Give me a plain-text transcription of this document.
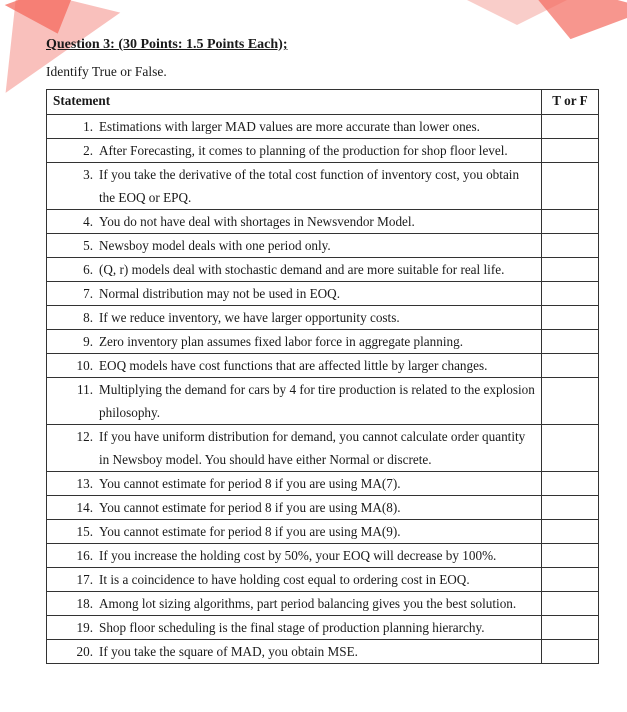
Question 3: (30 Points: 1.5 Points Each);

Identify True or False.

Statement	T or F

1. Estimations with larger MAD values are more accurate than lower ones.	

2. After Forecasting, it comes to planning of the production for shop floor level.	

3. If you take the derivative of the total cost function of inventory cost, you obtain the EOQ or EPQ.	

4. You do not have deal with shortages in Newsvendor Model.	

5. Newsboy model deals with one period only.	

6. (Q, r) models deal with stochastic demand and are more suitable for real life.	

7. Normal distribution may not be used in EOQ.	

8. If we reduce inventory, we have larger opportunity costs.	

9. Zero inventory plan assumes fixed labor force in aggregate planning.	

10. EOQ models have cost functions that are affected little by larger changes.	

11. Multiplying the demand for cars by 4 for tire production is related to the explosion philosophy.	

12. If you have uniform distribution for demand, you cannot calculate order quantity in Newsboy model. You should have either Normal or discrete.	

13. You cannot estimate for period 8 if you are using MA(7).	

14. You cannot estimate for period 8 if you are using MA(8).	

15. You cannot estimate for period 8 if you are using MA(9).	

16. If you increase the holding cost by 50%, your EOQ will decrease by 100%.	

17. It is a coincidence to have holding cost equal to ordering cost in EOQ.	

18. Among lot sizing algorithms, part period balancing gives you the best solution.	

19. Shop floor scheduling is the final stage of production planning hierarchy.	

20. If you take the square of MAD, you obtain MSE.	
